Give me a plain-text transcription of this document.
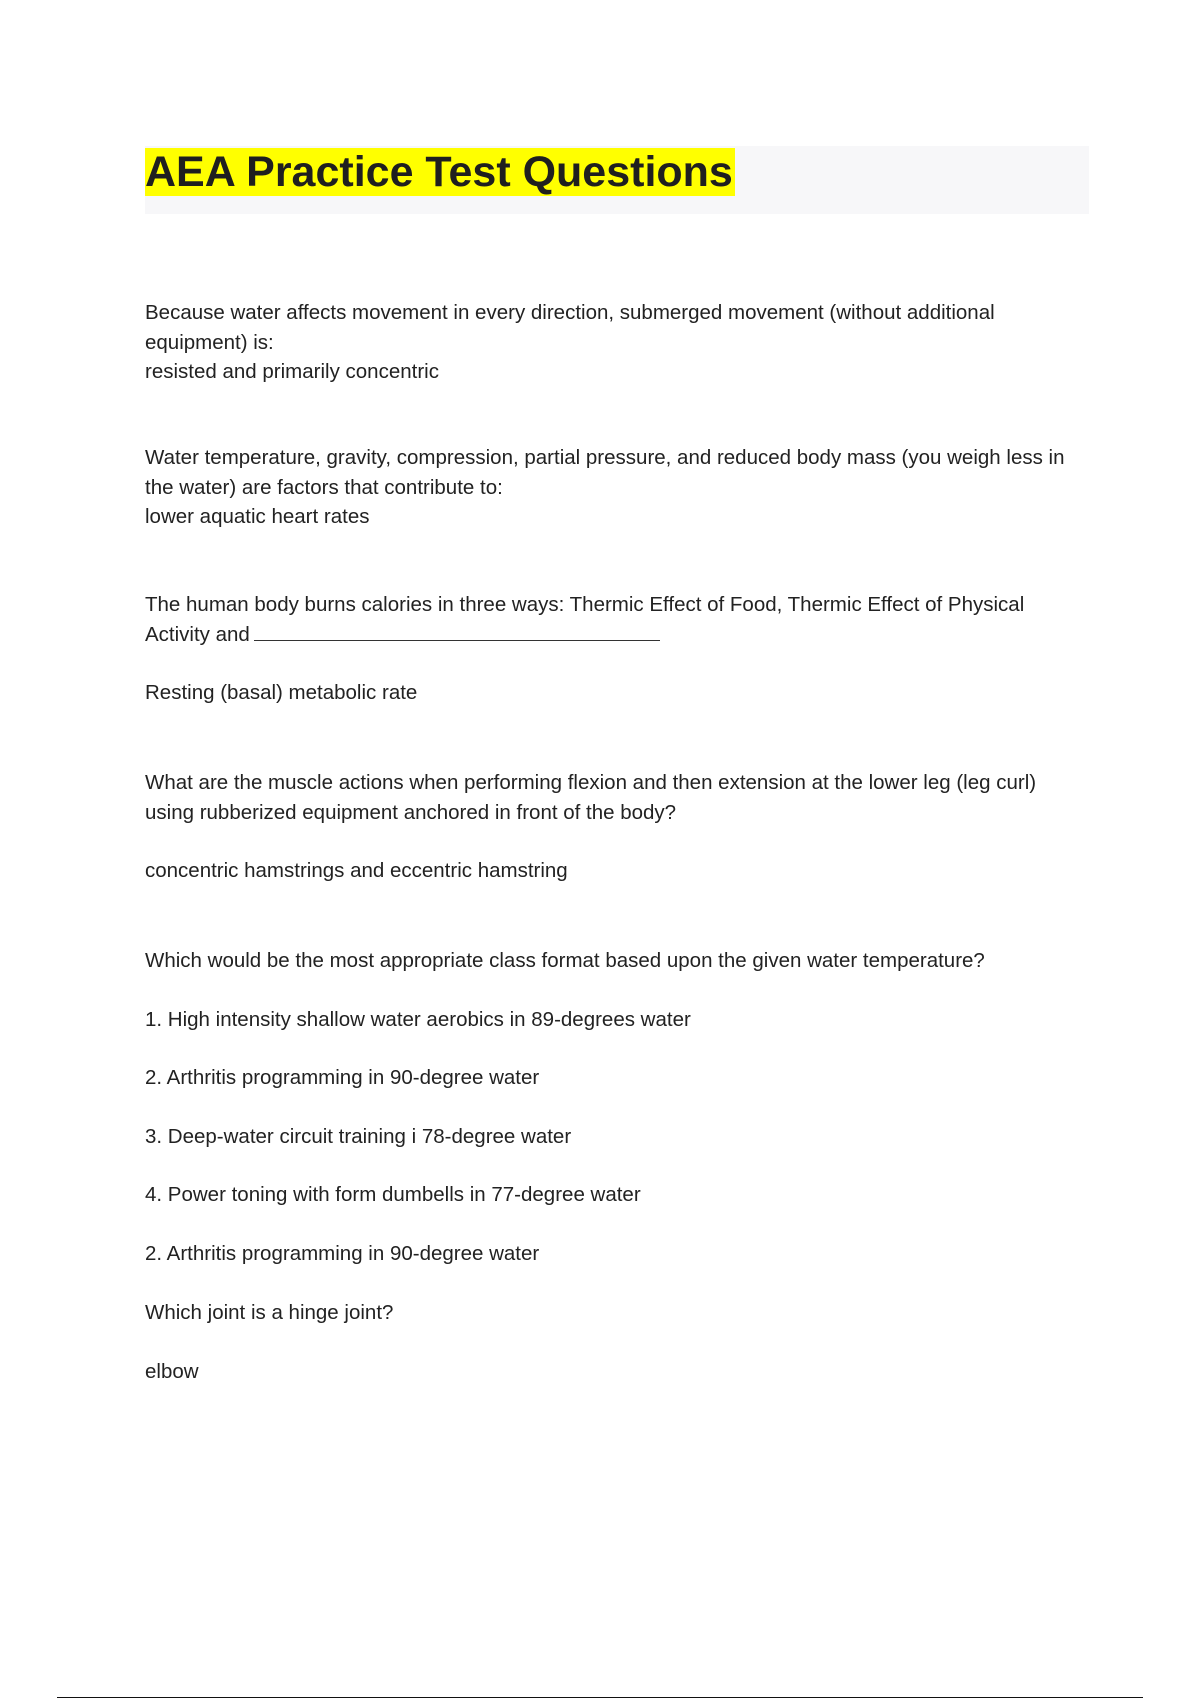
AEA Practice Test Questions

Because water affects movement in every direction, submerged movement (without additional equipment) is:

resisted and primarily concentric

Water temperature, gravity, compression, partial pressure, and reduced body mass (you weigh less in the water) are factors that contribute to:

lower aquatic heart rates

The human body burns calories in three ways: Thermic Effect of Food, Thermic Effect of Physical Activity and

Resting (basal) metabolic rate

What are the muscle actions when performing flexion and then extension at the lower leg (leg curl) using rubberized equipment anchored in front of the body?

concentric hamstrings and eccentric hamstring

Which would be the most appropriate class format based upon the given water temperature?

1. High intensity shallow water aerobics in 89-degrees water

2. Arthritis programming in 90-degree water

3. Deep-water circuit training i 78-degree water

4. Power toning with form dumbells in 77-degree water

2. Arthritis programming in 90-degree water

Which joint is a hinge joint?

elbow
